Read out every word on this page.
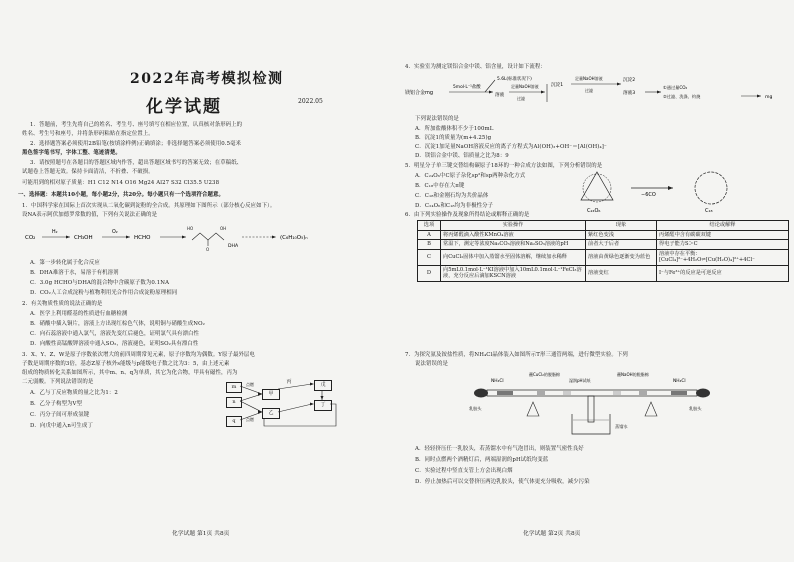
2022年高考模拟检测
化学试题	2022.05
1．答题前，考生先将自己的姓名、考生号、座号填写在相应位置，认真核对条形码上的
姓名、考生号和座号，并将条形码粘贴在指定位置上。
2．选择题答案必须使用2B铅笔(按填涂样例)正确填涂；非选择题答案必须使用0.5毫米
黑色签字笔书写，字体工整、笔迹清楚。
3．请按照题号在各题目的答题区域内作答，超出答题区域书写的答案无效；在草稿纸、
试题卷上答题无效。保持卡面清洁，不折叠、不破损。
可能用到的相对原子质量：H1 C12 N14 O16 Mg24 Al27 S32 Cl35.5 U238
一、选择题：本题共10小题，每小题2分，共20分。每小题只有一个选项符合题意。
1．中国科学家在国际上首次实现从二氧化碳到淀粉的全合成。其原理如下图所示（部分核心反应如下）。
设NA表示阿伏加德罗常数的值，下列有关说法正确的是
CO₂
H₂
CH₃OH
O₂
HCHO
HO	OH
O
DHA
(C₆H₁₀O₅)ₙ
A．第一步转化属于化合反应
B．DHA难溶于水，易溶于有机溶剂
C．3.0g HCHO与DHA的混合物中含碳原子数为0.1NA
D．CO₂人工合成淀粉与植物利用光合作用合成淀粉原理相同
2．有关物质性质的说法正确的是
A．医学上利用醛基的性质进行血糖检测
B．硝酸中插入铜片，溶液上方出现红棕色气体，说明铜与硝酸生成NO₂
C．向石蕊溶液中通入氯气，溶液先变红后褪色，证明氯气具有漂白性
D．向酸性高锰酸钾溶液中通入SO₂，溶液褪色，证明SO₂具有漂白性
3．X、Y、Z、W是原子序数依次增大的前四周期常见元素，原子序数均为偶数。Y原子最外层电
子数是周期序数的3倍，基态Z原子核外s能级与p能级电子数之比为3：5，由上述元素
组成的物质转化关系如图所示，其中m、n、q为单质，其它为化合物，甲具有磁性，丙为
二元弱酸。下列说法错误的是
A．乙与丁反应物质的量之比为1：2
B．乙分子构型为V型
C．丙分子间可形成氢键
D．向戊中通入n可生成丁
m
n
q
甲
乙
丙	戊
丁
点燃
点燃
化学试题 第1页 共8页
4．实验室为测定镁铝合金中镁、铝含量，设计如下流程：
镁铝合金mg
5mol·L⁻¹盐酸
5.6L(标准状况下)
溶液
足量NaOH溶液
过滤
沉淀1
足量NaOH溶液
过滤
沉淀2
溶液3
①通过量CO₂
②过滤、洗涤、灼烧	mg
下列说法错误的是
A．所加盐酸体积不少于100mL
B．沉淀1的质量为(m+4.25)g
C．沉淀1加足量NaOH溶液反应的离子方程式为Al(OH)₃+OH⁻＝[Al(OH)₄]⁻
D．镁铝合金中镁、铝质量之比为8：9
5．明星分子单三键交替结构碳原子18环的一种合成方法如图，下列分析错误的是
A．C₂₄O₆中C原子杂化sp²和sp两种杂化方式
B．C₁₈中存在大π键
C．C₁₈和金刚石均为共价晶体
D．C₂₄O₆和C₁₈均为非极性分子
C₂₄O₆
−6CO
C₁₈
6．由下列实验操作及现象所得结论或解释正确的是
选项	实验操作	现象	结论或解释
A	将丙烯醛滴入酸性KMnO₄溶液	紫红色变浅	丙烯醛中含有碳碳双键
B	常温下，测定等浓度Na₂CO₃溶液和Na₂SO₃溶液的pH	前者大于后者	得电子能力S＞C
C	向CuCl₂固体中加入蒸馏水至固体溶解，继续加水稀释	溶液由黄绿色逐渐变为蓝色	溶液中存在平衡：[CuCl₄]²⁻+4H₂O⇌[Cu(H₂O)₄]²⁺+4Cl⁻
D	向5mL0.1mol·L⁻¹KI溶液中加入10mL0.1mol·L⁻¹FeCl₃溶液，充分反应后滴加KSCN溶液	溶液变红	I⁻与Fe³⁺的反应是可逆反应
7．为探究氨及铵盐性质，将NH₄Cl晶体装入如图所示T形三通管两端，进行微型实验。下列
说法错误的是
NH₄Cl
蘸CuCl₂的脱脂棉
湿润pH试纸
蘸NaOH的脱脂棉
NH₄Cl
乳胶头
蒸馏水
乳胶头
A．轻轻挤压任一乳胶头，若蒸馏水中有气泡冒出，则装置气密性良好
B．同时点燃两个酒精灯后，两端湿润的pH试纸均变蓝
C．实验过程中竖直支管上方会出现白烟
D．停止加热后可以交替挤压两边乳胶头，使气体更充分吸收，减少污染
化学试题 第2页 共8页
